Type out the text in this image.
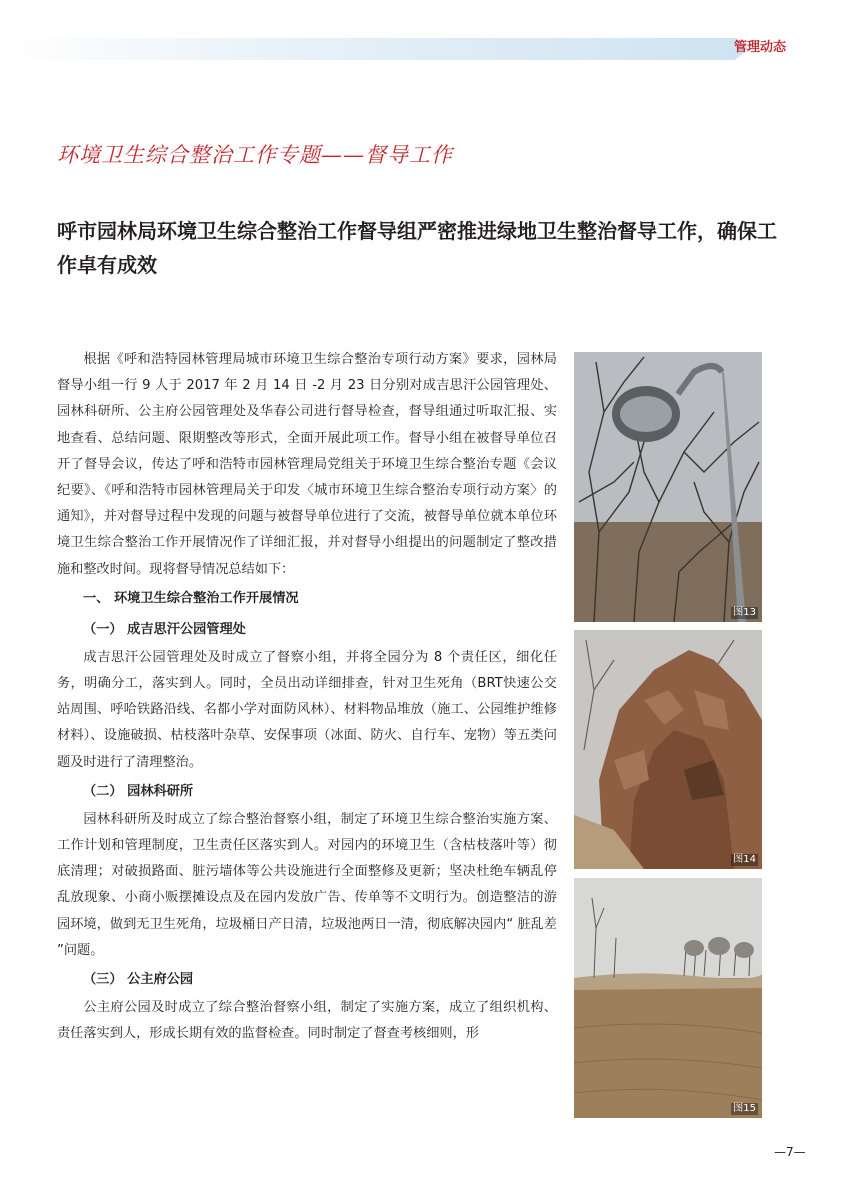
管理动态
环境卫生综合整治工作专题——督导工作
呼市园林局环境卫生综合整治工作督导组严密推进绿地卫生整治督导工作，确保工作卓有成效

根据《呼和浩特园林管理局城市环境卫生综合整治专项行动方案》要求，园林局督导小组一行 9 人于 2017 年 2 月 14 日 -2 月 23 日分别对成吉思汗公园管理处、园林科研所、公主府公园管理处及华春公司进行督导检查，督导组通过听取汇报、实地查看、总结问题、限期整改等形式，全面开展此项工作。督导小组在被督导单位召开了督导会议，传达了呼和浩特市园林管理局党组关于环境卫生综合整治专题《会议纪要》、《呼和浩特市园林管理局关于印发〈城市环境卫生综合整治专项行动方案〉的通知》，并对督导过程中发现的问题与被督导单位进行了交流，被督导单位就本单位环境卫生综合整治工作开展情况作了详细汇报，并对督导小组提出的问题制定了整改措施和整改时间。现将督导情况总结如下：

一、 环境卫生综合整治工作开展情况
（一） 成吉思汗公园管理处

成吉思汗公园管理处及时成立了督察小组，并将全园分为 8 个责任区，细化任务，明确分工，落实到人。同时，全员出动详细排查，针对卫生死角（BRT快速公交站周围、呼哈铁路沿线、名都小学对面防风林）、材料物品堆放（施工、公园维护维修材料）、设施破损、枯枝落叶杂草、安保事项（冰面、防火、自行车、宠物）等五类问题及时进行了清理整治。

（二） 园林科研所

园林科研所及时成立了综合整治督察小组，制定了环境卫生综合整治实施方案、工作计划和管理制度，卫生责任区落实到人。对园内的环境卫生（含枯枝落叶等）彻底清理；对破损路面、脏污墙体等公共设施进行全面整修及更新；坚决杜绝车辆乱停乱放现象、小商小贩摆摊设点及在园内发放广告、传单等不文明行为。创造整洁的游园环境，做到无卫生死角，垃圾桶日产日清，垃圾池两日一清，彻底解决园内“ 脏乱差 ”问题。

（三） 公主府公园

公主府公园及时成立了综合整治督察小组，制定了实施方案，成立了组织机构、责任落实到人，形成长期有效的监督检查。同时制定了督查考核细则，形

图13
图14
图15
—7—
